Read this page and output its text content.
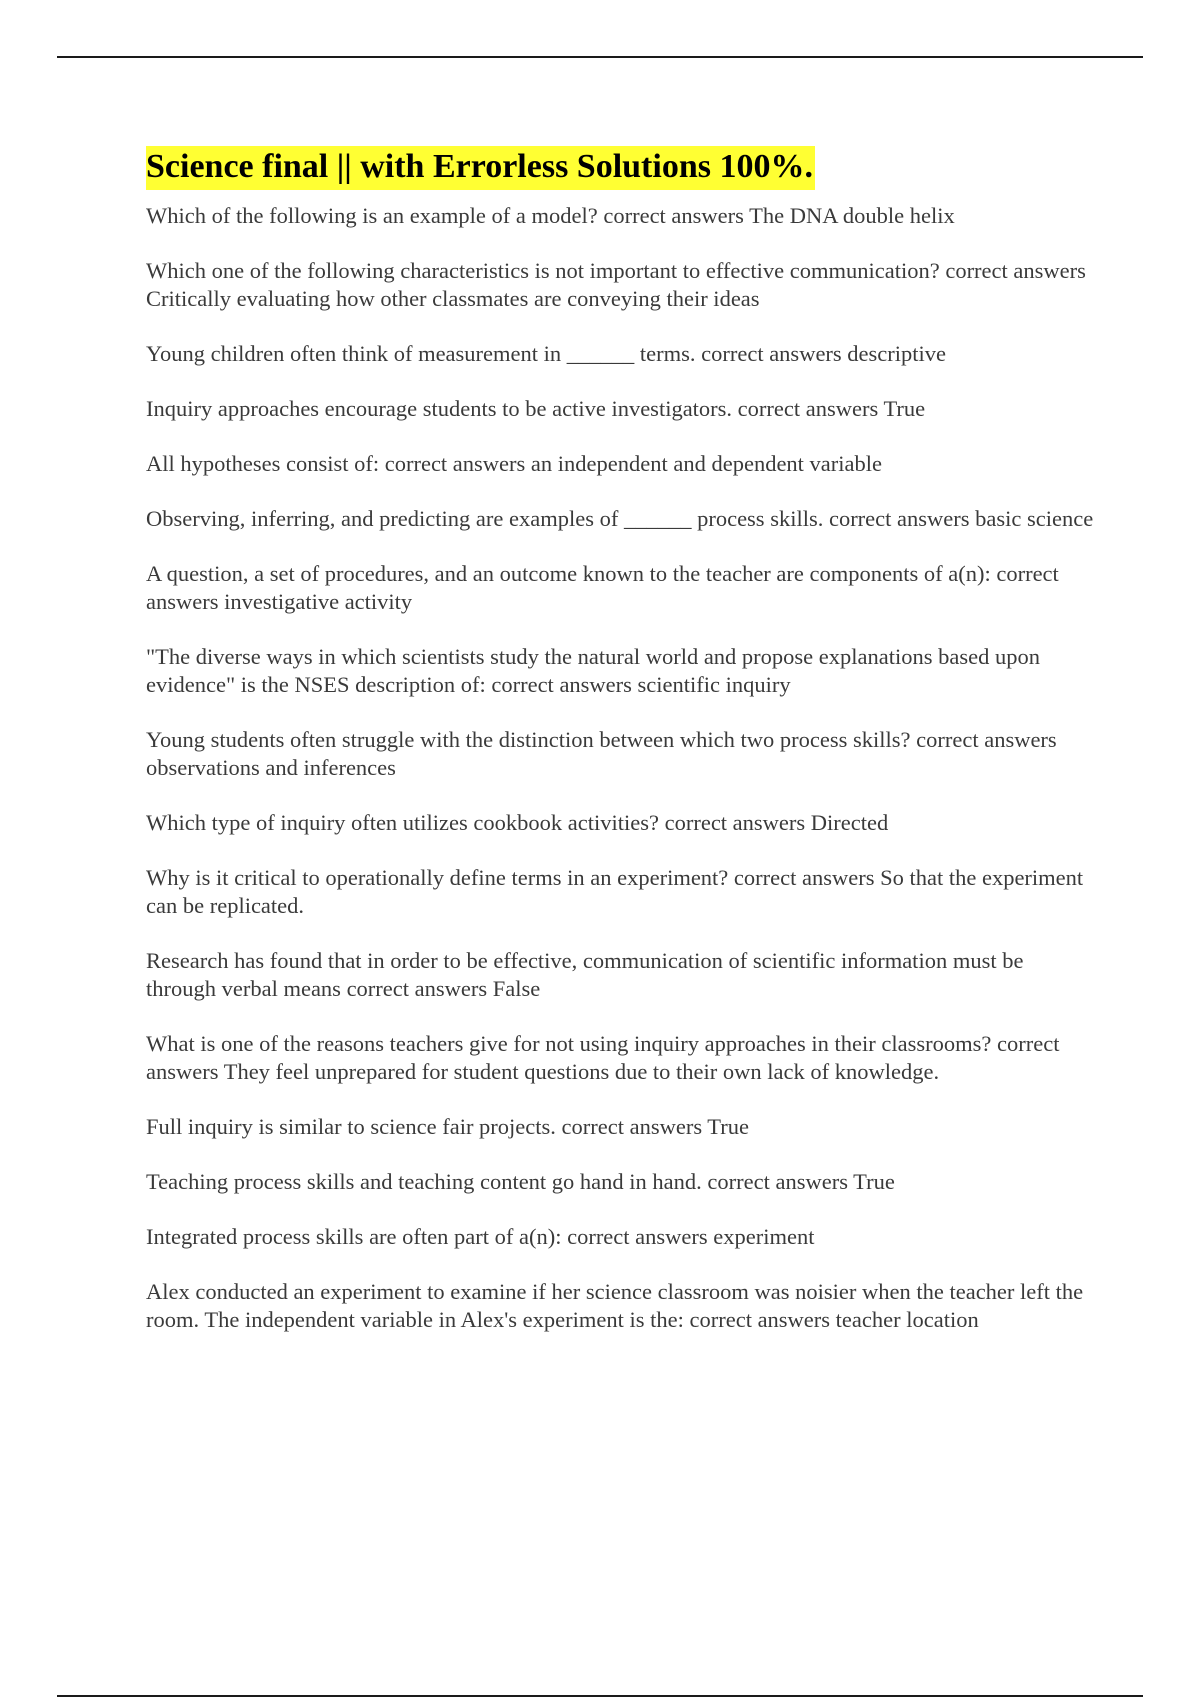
Science final || with Errorless Solutions 100%.

Which of the following is an example of a model? correct answers The DNA double helix

Which one of the following characteristics is not important to effective communication? correct answers Critically evaluating how other classmates are conveying their ideas

Young children often think of measurement in ______ terms. correct answers descriptive

Inquiry approaches encourage students to be active investigators. correct answers True

All hypotheses consist of: correct answers an independent and dependent variable

Observing, inferring, and predicting are examples of ______ process skills. correct answers basic science

A question, a set of procedures, and an outcome known to the teacher are components of a(n): correct answers investigative activity

"The diverse ways in which scientists study the natural world and propose explanations based upon evidence" is the NSES description of: correct answers scientific inquiry

Young students often struggle with the distinction between which two process skills? correct answers observations and inferences

Which type of inquiry often utilizes cookbook activities? correct answers Directed

Why is it critical to operationally define terms in an experiment? correct answers So that the experiment can be replicated.

Research has found that in order to be effective, communication of scientific information must be through verbal means correct answers False

What is one of the reasons teachers give for not using inquiry approaches in their classrooms? correct answers They feel unprepared for student questions due to their own lack of knowledge.

Full inquiry is similar to science fair projects. correct answers True

Teaching process skills and teaching content go hand in hand. correct answers True

Integrated process skills are often part of a(n): correct answers experiment

Alex conducted an experiment to examine if her science classroom was noisier when the teacher left the room. The independent variable in Alex's experiment is the: correct answers teacher location
